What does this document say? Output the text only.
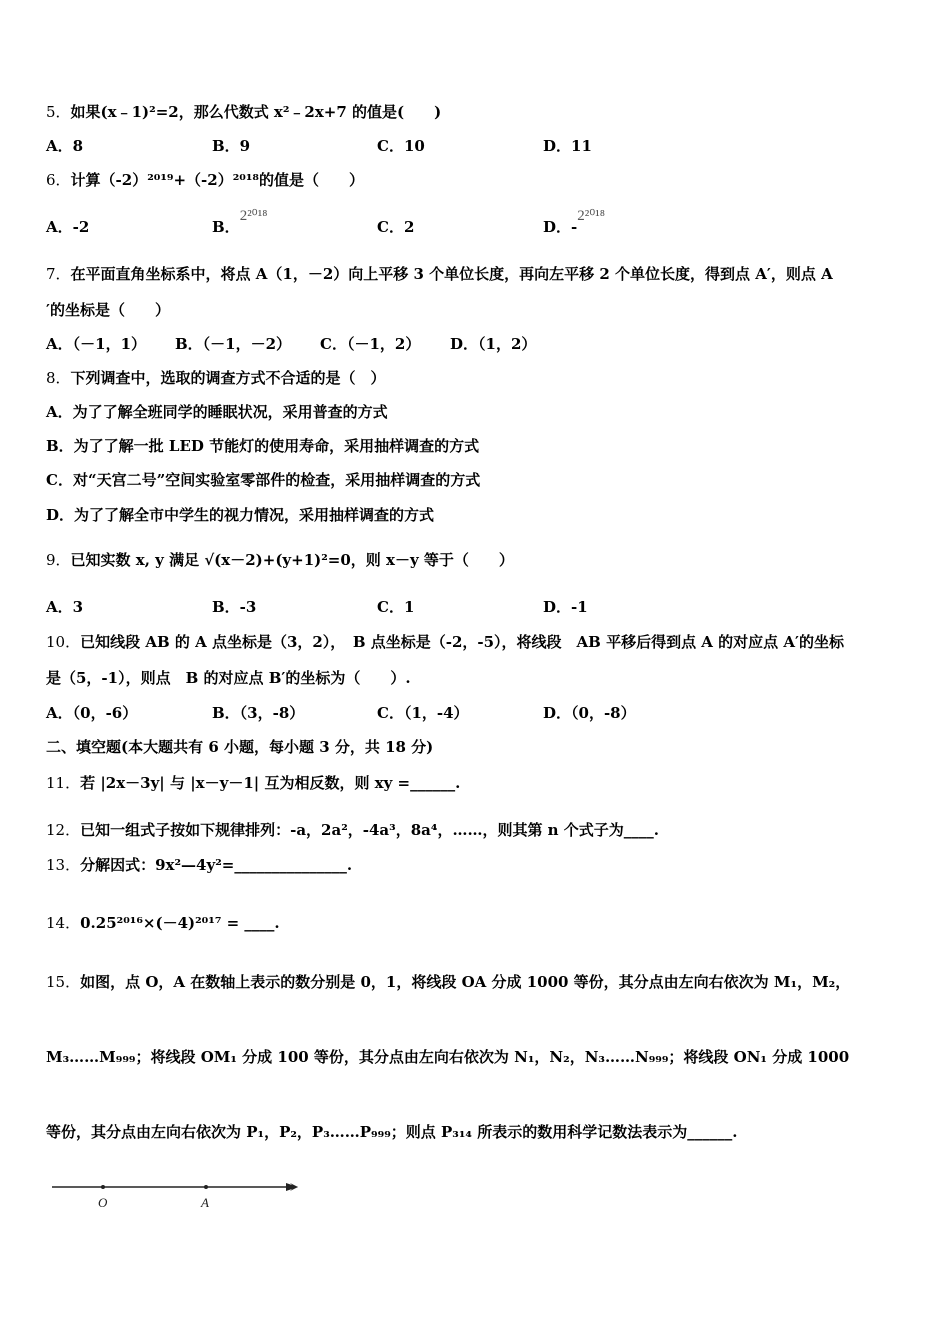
5．如果(x﹣1)²=2，那么代数式 x²﹣2x+7 的值是(　　)
A．8	B．9	C．10	D．11
6．计算（-2）²⁰¹⁹+（-2）²⁰¹⁸的值是（　　）
A．-2	B．2²⁰¹⁸
C．2	D．-2²⁰¹⁸
7．在平面直角坐标系中，将点 A（1，－2）向上平移 3 个单位长度，再向左平移 2 个单位长度，得到点 A′，则点 A
′的坐标是（　　）
A．（－1，1） B．（－1，－2） C．（－1，2） D．（1，2）
8．下列调查中，选取的调查方式不合适的是（　）
A．为了了解全班同学的睡眠状况，采用普查的方式
B．为了了解一批 LED 节能灯的使用寿命，采用抽样调查的方式
C．对“天宫二号”空间实验室零部件的检查，采用抽样调查的方式
D．为了了解全市中学生的视力情况，采用抽样调查的方式
9．已知实数 x, y 满足 √(x－2)+(y+1)²=0，则 x－y 等于（　　）
A．3	B．-3	C．1	D．-1
10．已知线段 AB 的 A 点坐标是（3，2），　B 点坐标是（-2，-5），将线段　AB 平移后得到点 A 的对应点 A′的坐标
是（5，-1），则点　B 的对应点 B′的坐标为（　　）.
A．（0，-6）	B．（3，-8）	C．（1，-4）	D．（0，-8）
二、填空题(本大题共有 6 小题，每小题 3 分，共 18 分)
11．若 |2x－3y| 与 |x－y－1| 互为相反数，则 xy =______.
12．已知一组式子按如下规律排列：-a，2a²，-4a³，8a⁴，……，则其第 n 个式子为____.
13．分解因式：9x²—4y²=_______________.
14．0.25²⁰¹⁶×(－4)²⁰¹⁷ = ____.
15．如图，点 O，A 在数轴上表示的数分别是 0，1，将线段 OA 分成 1000 等份，其分点由左向右依次为 M₁，M₂，
M₃……M₉₉₉；将线段 OM₁ 分成 100 等份，其分点由左向右依次为 N₁，N₂，N₃……N₉₉₉；将线段 ON₁ 分成 1000
等份，其分点由左向右依次为 P₁，P₂，P₃……P₉₉₉；则点 P₃₁₄ 所表示的数用科学记数法表示为______.
O	A
